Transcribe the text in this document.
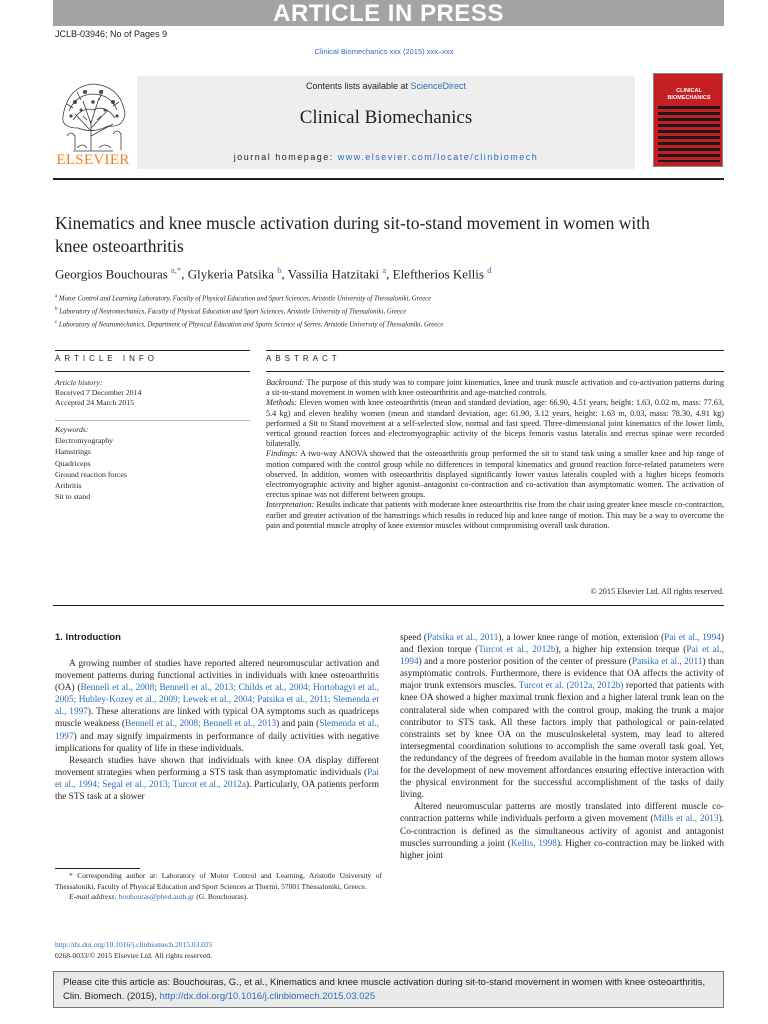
ARTICLE IN PRESS
JCLB-03946; No of Pages 9
Clinical Biomechanics xxx (2015) xxx–xxx
ELSEVIER
Contents lists available at ScienceDirect
Clinical Biomechanics
journal homepage: www.elsevier.com/locate/clinbiomech
CLINICAL BIOMECHANICS
Kinematics and knee muscle activation during sit-to-stand movement in women with knee osteoarthritis
Georgios Bouchouras $^{a,*}$, Glykeria Patsika $^b$, Vassilia Hatzitaki $^a$, Eleftherios Kellis $^d$
$^a$ Motor Control and Learning Laboratory, Faculty of Physical Education and Sport Sciences, Aristotle University of Thessaloniki, Greece
$^b$ Laboratory of Neuromechanics, Faculty of Physical Education and Sport Sciences, Aristotle University of Thessaloniki, Greece
$^c$ Laboratory of Neuromechanics, Department of Physical Education and Sports Science of Serres, Aristotle University of Thessaloniki, Greece
ARTICLE INFO	ABSTRACT
Article history:
Received 7 December 2014
Accepted 24 March 2015
Keywords:
Electromyography
Hamstrings
Quadriceps
Ground reaction forces
Arthritis
Sit to stand
Backround: The purpose of this study was to compare joint kinematics, knee and trunk muscle activation and co-activation patterns during a sit-to-stand movement in women with knee osteoarthritis and age-matched controls.
Methods: Eleven women with knee osteoarthritis (mean and standard deviation, age: 66.90, 4.51 years, height: 1.63, 0.02 m, mass: 77.63, 5.4 kg) and eleven healthy women (mean and standard deviation, age: 61.90, 3.12 years, height: 1.63 m, 0.03, mass: 78.30, 4.91 kg) performed a Sit to Stand movement at a self-selected slow, normal and fast speed. Three-dimensional joint kinematics of the lower limb, vertical ground reaction forces and electromyographic activity of the biceps femoris vastus lateralis and erectus spinae were recorded bilaterally.
Findings: A two-way ANOVA showed that the osteoarthritis group performed the sit to stand task using a smaller knee and hip range of motion compared with the control group while no differences in temporal kinematics and ground reaction force-related parameters were observed. In addition, women with osteoarthritis displayed significantly lower vastus lateralis coupled with a higher biceps feomoris electromyographic activity and higher agonist–antagonist co-contraction and co-activation than asymptomatic women. The activation of erectus spinae was not different between groups.
Interpretation: Results indicate that patients with moderate knee osteoarthritis rise from the chair using greater knee muscle co-contraction, earlier and greater activation of the hamstrings which results in reduced hip and knee range of motion. This may be a way to overcome the pain and potential muscle atrophy of knee extensor muscles without compromising overall task duration.
© 2015 Elsevier Ltd. All rights reserved.
1. Introduction

A growing number of studies have reported altered neuromuscular activation and movement patterns during functional activities in individuals with knee osteoarthritis (OA) (Bennell et al., 2008; Bennell et al., 2013; Childs et al., 2004; Hortobagyi et al., 2005; Hubley-Kozey et al., 2009; Lewek et al., 2004; Patsika et al., 2011; Slemenda et al., 1997). These alterations are linked with typical OA symptoms such as quadriceps muscle weakness (Bennell et al., 2008; Bennell et al., 2013) and pain (Slemenda et al., 1997) and may signify impairments in performance of daily activities with negative implications for quality of life in these individuals.

Research studies have shown that individuals with knee OA display different movement strategies when performing a STS task than asymptomatic individuals (Pai et al., 1994; Segal et al., 2013; Turcot et al., 2012a). Particularly, OA patients perform the STS task at a slower

speed (Patsika et al., 2011), a lower knee range of motion, extension (Pai et al., 1994) and flexion torque (Turcot et al., 2012b), a higher hip extension torque (Pai et al., 1994) and a more posterior position of the center of pressure (Patsika et al., 2011) than asymptomatic controls. Furthermore, there is evidence that OA affects the activity of major trunk extensors muscles. Turcot et al. (2012a, 2012b) reported that patients with knee OA showed a higher maximal trunk flexion and a higher lateral trunk lean on the contralateral side when compared with the control group, making the trunk a major contributor to STS task. All these factors imply that pathological or pain-related constraints set by knee OA on the musculoskeletal system, may lead to altered intersegmental coordination solutions to accomplish the same overall task goal. Yet, the redundancy of the degrees of freedom available in the human motor system allows for the development of new movement affordances ensuring effective interaction with the physical environment for the successful accomplishment of the tasks of daily living.

Altered neuromuscular patterns are mostly translated into different muscle co-contraction patterns while individuals perform a given movement (Mills et al., 2013). Co-contraction is defined as the simultaneous activity of agonist and antagonist muscles surrounding a joint (Kellis, 1998). Higher co-contraction may be linked with higher joint

* Corresponding author at: Laboratory of Motor Control and Learning, Aristotle University of Thessaloniki, Faculty of Physical Education and Sport Sciences at Thermi, 57001 Thessaloniki, Greece.
E-mail address: bouhouras@phed.auth.gr (G. Bouchouras).
http://dx.doi.org/10.1016/j.clinbiomech.2015.03.025
0268-0033/© 2015 Elsevier Ltd. All rights reserved.
Please cite this article as: Bouchouras, G., et al., Kinematics and knee muscle activation during sit-to-stand movement in women with knee osteoarthritis, Clin. Biomech. (2015), http://dx.doi.org/10.1016/j.clinbiomech.2015.03.025
